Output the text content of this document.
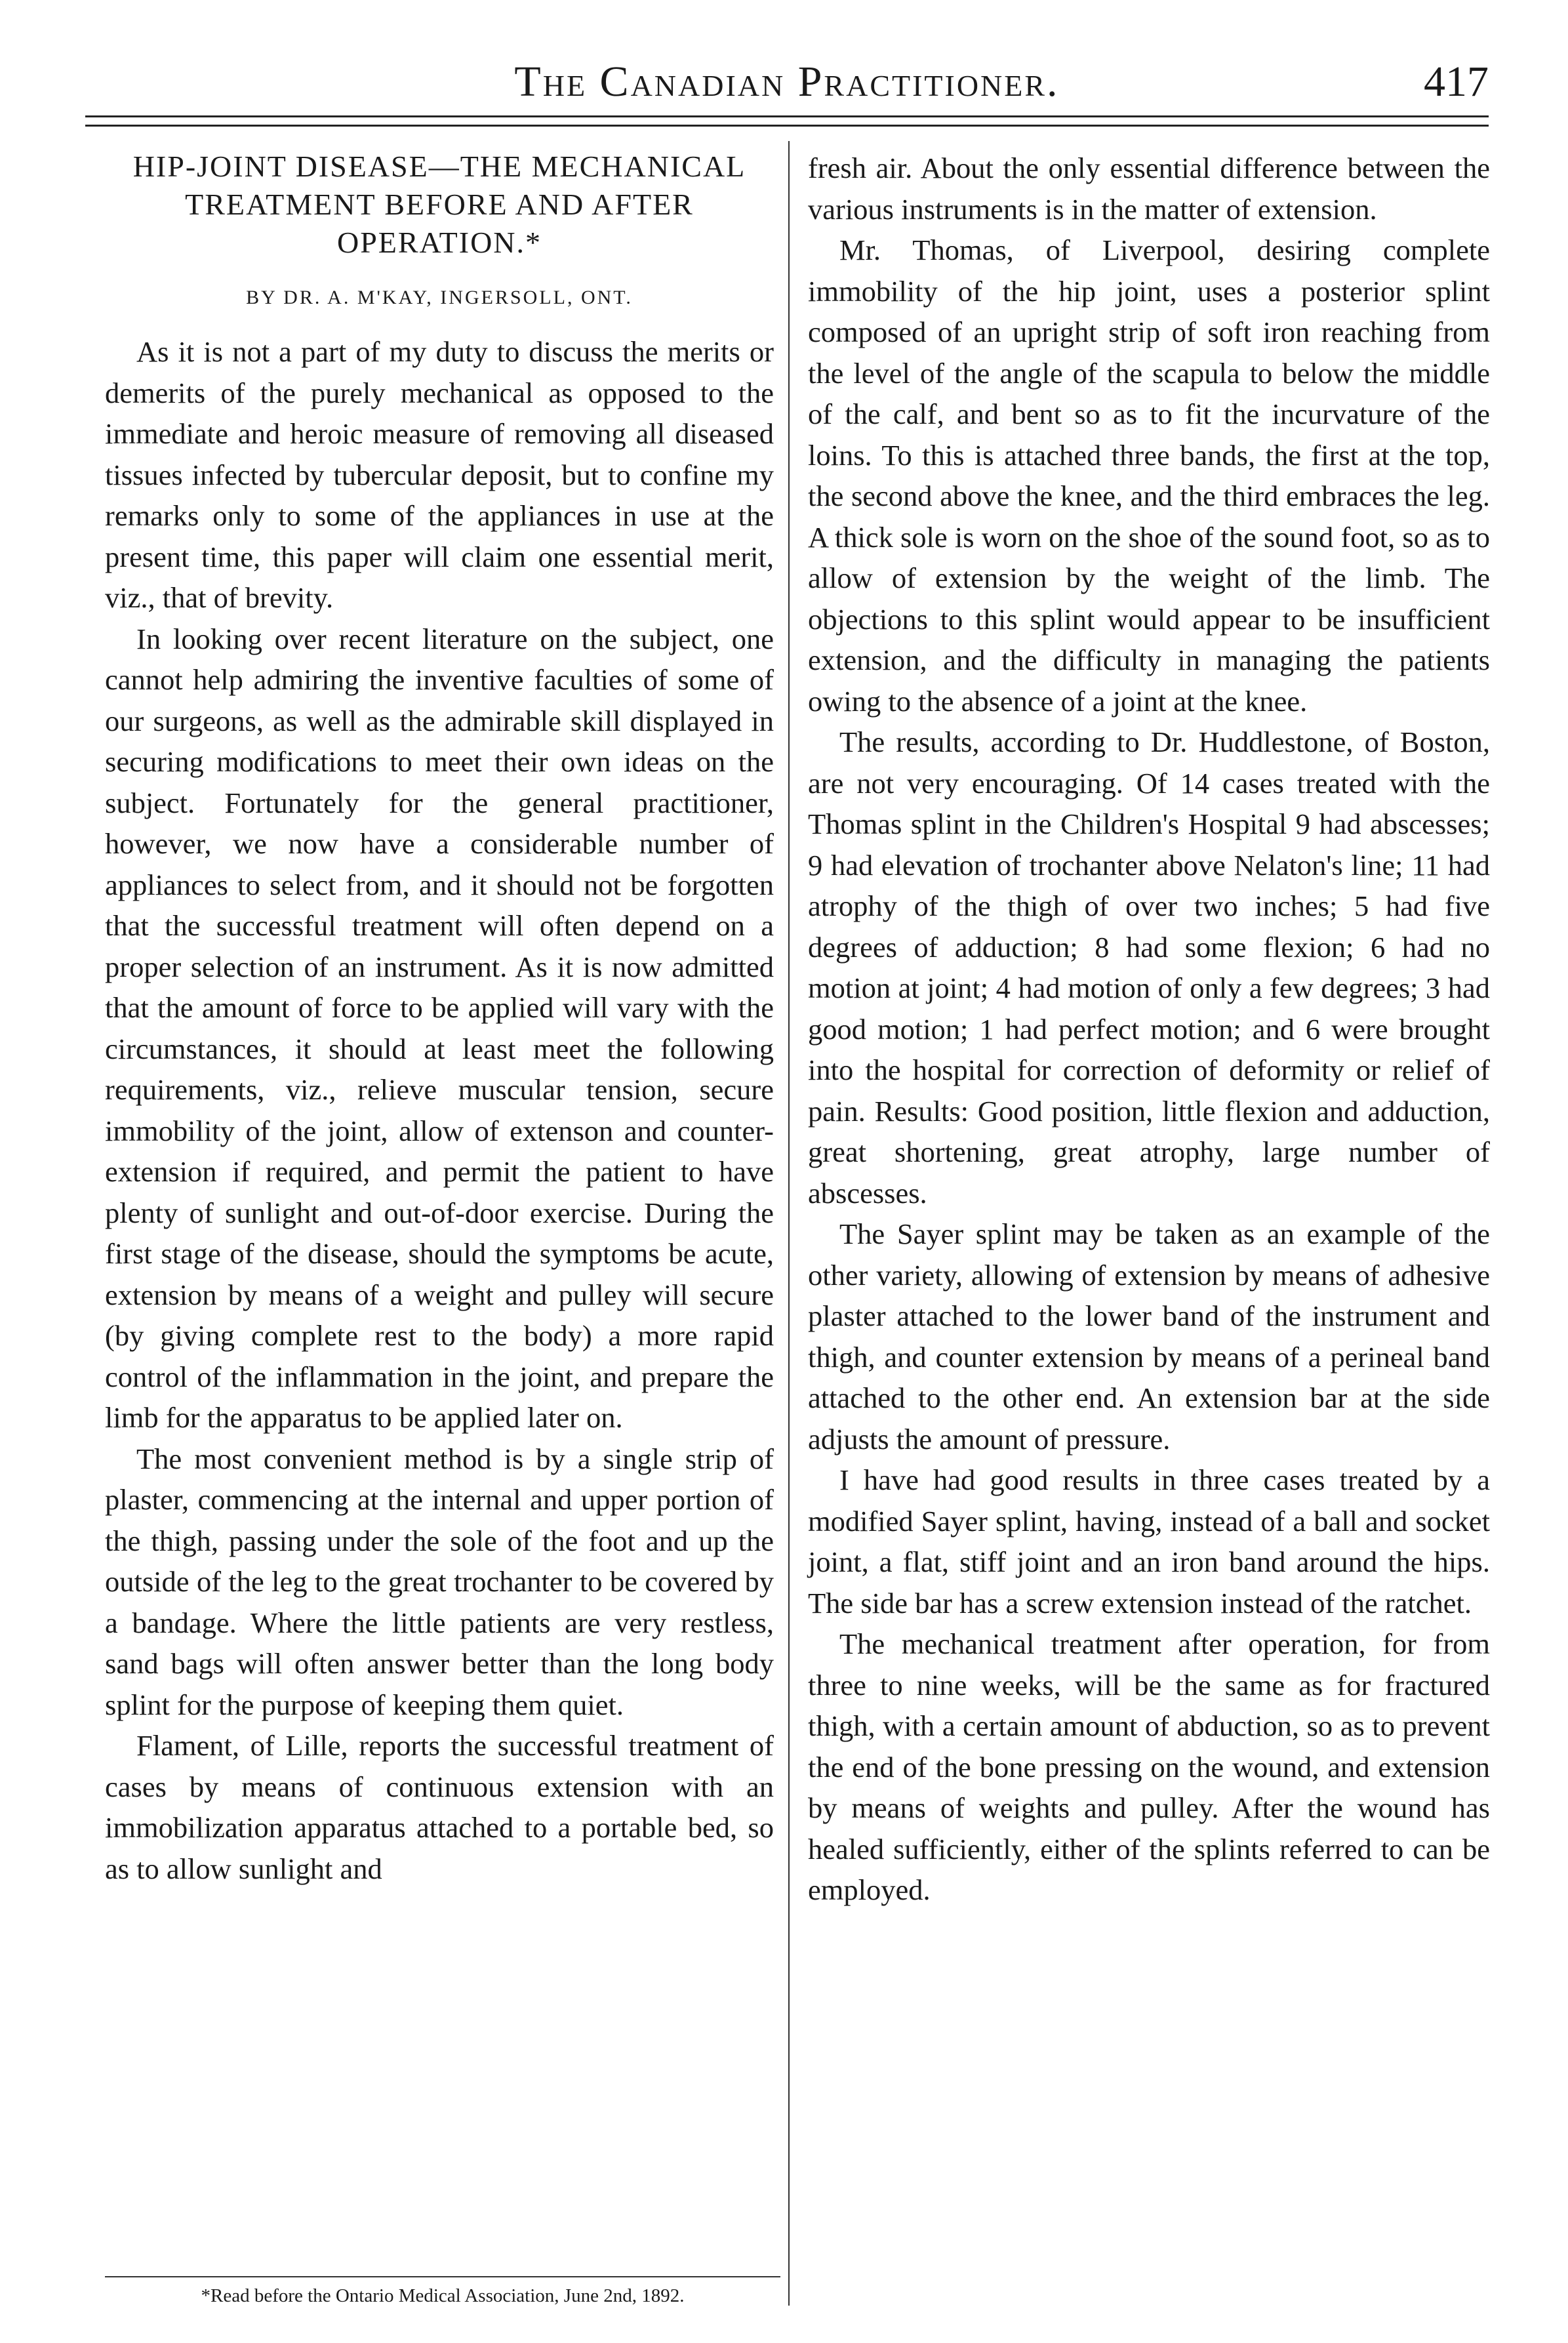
The Canadian Practitioner.	417
HIP-JOINT DISEASE—THE MECHANICAL TREATMENT BEFORE AND AFTER OPERATION.*
BY DR. A. M'KAY, INGERSOLL, ONT.

As it is not a part of my duty to discuss the merits or demerits of the purely mechanical as opposed to the immediate and heroic measure of removing all diseased tissues infected by tubercular deposit, but to confine my remarks only to some of the appliances in use at the present time, this paper will claim one essential merit, viz., that of brevity.

In looking over recent literature on the subject, one cannot help admiring the inventive faculties of some of our surgeons, as well as the admirable skill displayed in securing modifications to meet their own ideas on the subject. Fortunately for the general practitioner, however, we now have a considerable number of appliances to select from, and it should not be forgotten that the successful treatment will often depend on a proper selection of an instrument. As it is now admitted that the amount of force to be applied will vary with the circumstances, it should at least meet the following requirements, viz., relieve muscular tension, secure immobility of the joint, allow of extenson and counter-extension if required, and permit the patient to have plenty of sunlight and out-of-door exercise. During the first stage of the disease, should the symptoms be acute, extension by means of a weight and pulley will secure (by giving complete rest to the body) a more rapid control of the inflammation in the joint, and prepare the limb for the apparatus to be applied later on.

The most convenient method is by a single strip of plaster, commencing at the internal and upper portion of the thigh, passing under the sole of the foot and up the outside of the leg to the great trochanter to be covered by a bandage. Where the little patients are very restless, sand bags will often answer better than the long body splint for the purpose of keeping them quiet.

Flament, of Lille, reports the successful treatment of cases by means of continuous extension with an immobilization apparatus attached to a portable bed, so as to allow sunlight and

fresh air. About the only essential difference between the various instruments is in the matter of extension.

Mr. Thomas, of Liverpool, desiring complete immobility of the hip joint, uses a posterior splint composed of an upright strip of soft iron reaching from the level of the angle of the scapula to below the middle of the calf, and bent so as to fit the incurvature of the loins. To this is attached three bands, the first at the top, the second above the knee, and the third embraces the leg. A thick sole is worn on the shoe of the sound foot, so as to allow of extension by the weight of the limb. The objections to this splint would appear to be insufficient extension, and the difficulty in managing the patients owing to the absence of a joint at the knee.

The results, according to Dr. Huddlestone, of Boston, are not very encouraging. Of 14 cases treated with the Thomas splint in the Children's Hospital 9 had abscesses; 9 had elevation of trochanter above Nelaton's line; 11 had atrophy of the thigh of over two inches; 5 had five degrees of adduction; 8 had some flexion; 6 had no motion at joint; 4 had motion of only a few degrees; 3 had good motion; 1 had perfect motion; and 6 were brought into the hospital for correction of deformity or relief of pain. Results: Good position, little flexion and adduction, great shortening, great atrophy, large number of abscesses.

The Sayer splint may be taken as an example of the other variety, allowing of extension by means of adhesive plaster attached to the lower band of the instrument and thigh, and counter extension by means of a perineal band attached to the other end. An extension bar at the side adjusts the amount of pressure.

I have had good results in three cases treated by a modified Sayer splint, having, instead of a ball and socket joint, a flat, stiff joint and an iron band around the hips. The side bar has a screw extension instead of the ratchet.

The mechanical treatment after operation, for from three to nine weeks, will be the same as for fractured thigh, with a certain amount of abduction, so as to prevent the end of the bone pressing on the wound, and extension by means of weights and pulley. After the wound has healed sufficiently, either of the splints referred to can be employed.

*Read before the Ontario Medical Association, June 2nd, 1892.
